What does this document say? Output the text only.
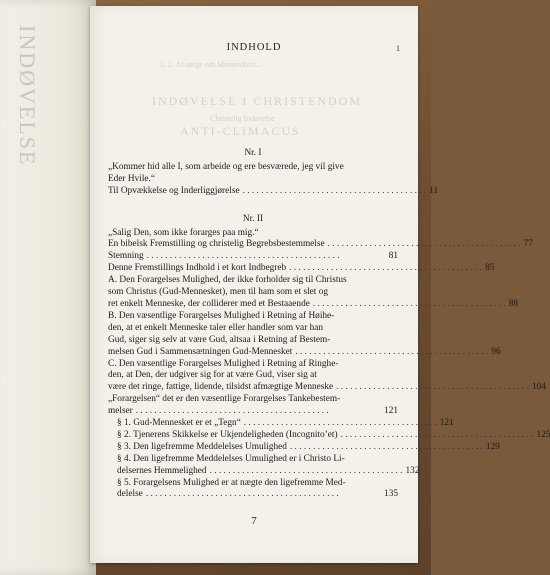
INDØVELSE	1
INDHOLD
1. 2. At sørge om Menneskets...
INDØVELSE I CHRISTENDOM
Christelig Indøvelse
ANTI-CLIMACUS
Nr. I
„Kommer hid alle I, som arbeide og ere besværede, jeg vil give
Eder Hvile.“
Til Opvækkelse og Inderliggjørelse . . . . . . . . . . . . . . . . . . . . . . . . . . . . . . . . . . . . . . . . 11
Nr. II
„Salig Den, som ikke forarges paa mig.“
En bibelsk Fremstilling og christelig Begrebsbestemmelse . . . . . . . . . . . . . . . . . . . . . . . . . . . . . . . . . . . . . . . . . . 77
Stemning . . . . . . . . . . . . . . . . . . . . . . . . . . . . . . . . . . . . . . . . . .	81
Denne Fremstillings Indhold i et kort Indbegreb . . . . . . . . . . . . . . . . . . . . . . . . . . . . . . . . . . . . . . . . . . 85
A. Den Forargelses Mulighed, der ikke forholder sig til Christus
som Christus (Gud-Mennesket), men til ham som et slet og
ret enkelt Menneske, der colliderer med et Bestaaende . . . . . . . . . . . . . . . . . . . . . . . . . . . . . . . . . . . . . . . . . . 88
B. Den væsentlige Forargelses Mulighed i Retning af Høihe-
den, at et enkelt Menneske taler eller handler som var han
Gud, siger sig selv at være Gud, altsaa i Retning af Bestem-
melsen Gud i Sammensætningen Gud-Mennesket . . . . . . . . . . . . . . . . . . . . . . . . . . . . . . . . . . . . . . . . . . 96
C. Den væsentlige Forargelses Mulighed i Retning af Ringhe-
den, at Den, der udgiver sig for at være Gud, viser sig at
være det ringe, fattige, lidende, tilsidst afmægtige Menneske . . . . . . . . . . . . . . . . . . . . . . . . . . . . . . . . . . . . . . . . . . 104
„Forargelsen“ det er den væsentlige Forargelses Tankebestem-
melser . . . . . . . . . . . . . . . . . . . . . . . . . . . . . . . . . . . . . . . . . .	121
§ 1. Gud-Mennesket er et „Tegn“ . . . . . . . . . . . . . . . . . . . . . . . . . . . . . . . . . . . . . . . . . . 121
§ 2. Tjenerens Skikkelse er Ukjendeligheden (Incognito’et) . . . . . . . . . . . . . . . . . . . . . . . . . . . . . . . . . . . . . . . . . . 125
§ 3. Den ligefremme Meddelelses Umulighed . . . . . . . . . . . . . . . . . . . . . . . . . . . . . . . . . . . . . . . . . . 129
§ 4. Den ligefremme Meddelelses Umulighed er i Christo Li-
delsernes Hemmelighed . . . . . . . . . . . . . . . . . . . . . . . . . . . . . . . . . . . . . . . . . . 132
§ 5. Forargelsens Mulighed er at nægte den ligefremme Med-
delelse . . . . . . . . . . . . . . . . . . . . . . . . . . . . . . . . . . . . . . . . . .	135
7
